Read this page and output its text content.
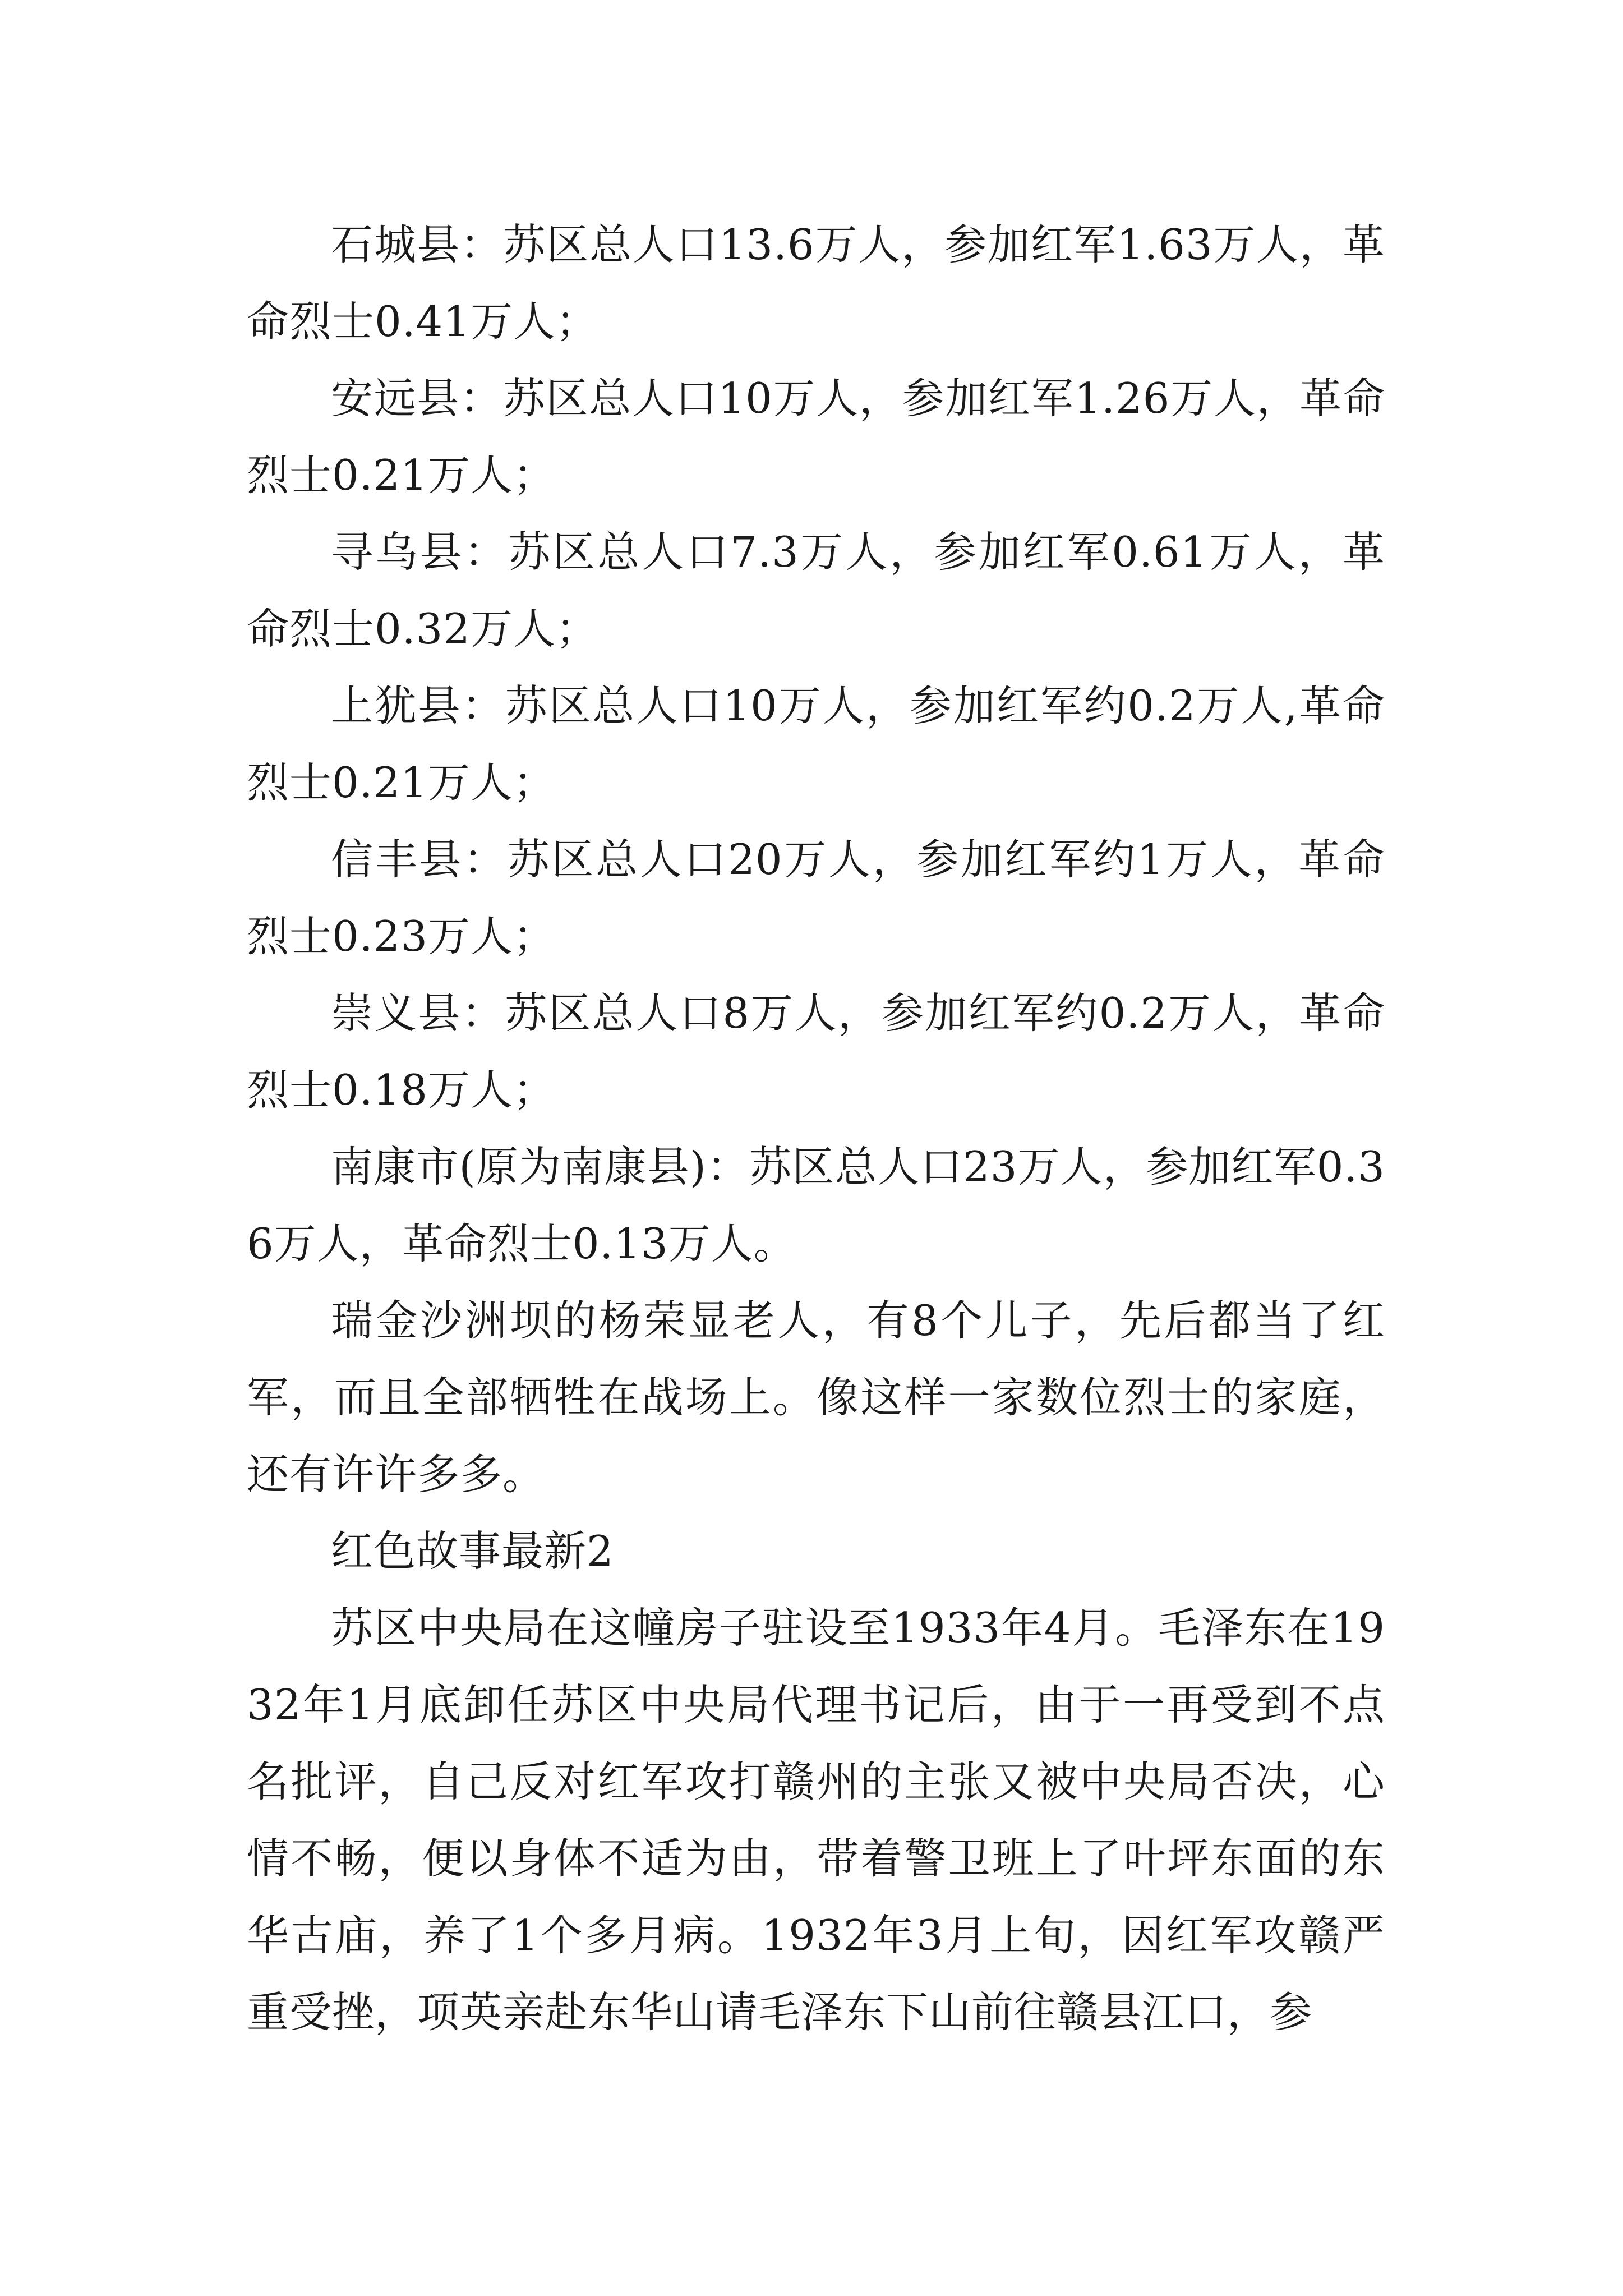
石城县：苏区总人口13.6万人，参加红军1.63万人，革命烈士0.41万人；

安远县：苏区总人口10万人，参加红军1.26万人，革命烈士0.21万人；

寻乌县：苏区总人口7.3万人，参加红军0.61万人，革命烈士0.32万人；

上犹县：苏区总人口10万人，参加红军约0.2万人,革命烈士0.21万人；

信丰县：苏区总人口20万人，参加红军约1万人，革命烈士0.23万人；

崇义县：苏区总人口8万人，参加红军约0.2万人，革命烈士0.18万人；

南康市(原为南康县)：苏区总人口23万人，参加红军0.36万人，革命烈士0.13万人。

瑞金沙洲坝的杨荣显老人，有8个儿子，先后都当了红军，而且全部牺牲在战场上。像这样一家数位烈士的家庭，还有许许多多。

红色故事最新2

苏区中央局在这幢房子驻设至1933年4月。毛泽东在1932年1月底卸任苏区中央局代理书记后，由于一再受到不点名批评，自己反对红军攻打赣州的主张又被中央局否决，心情不畅，便以身体不适为由，带着警卫班上了叶坪东面的东华古庙，养了1个多月病。1932年3月上旬，因红军攻赣严重受挫，项英亲赴东华山请毛泽东下山前往赣县江口，参
